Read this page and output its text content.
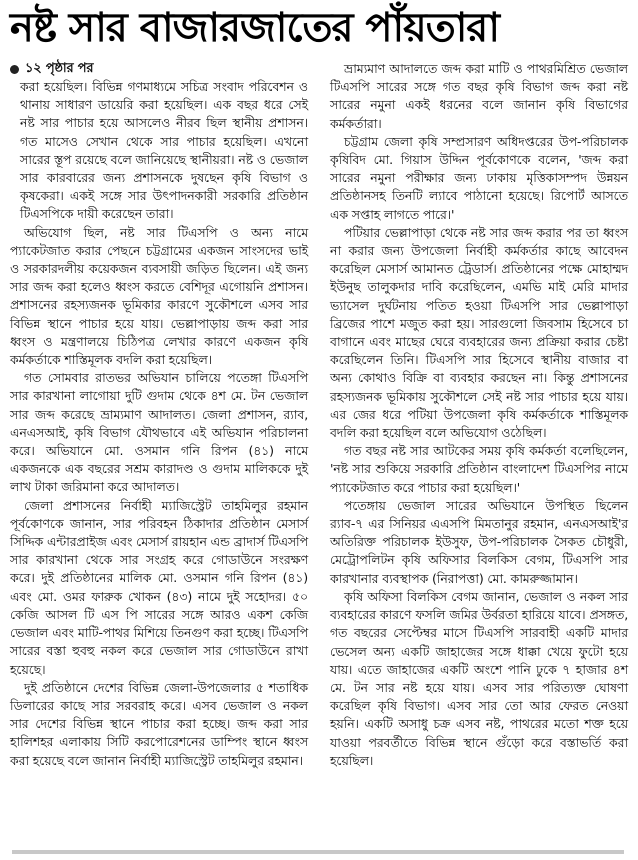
নষ্ট সার বাজারজাতের পাঁয়তারা
১২ পৃষ্ঠার পর

করা হয়েছিল। বিভিন্ন গণমাধ্যমে সচিত্র সংবাদ পরিবেশন ও থানায় সাধারণ ডায়েরি করা হয়েছিল। এক বছর ধরে সেই নষ্ট সার পাচার হয়ে আসলেও নীরব ছিল স্থানীয় প্রশাসন। গত মাসেও সেখান থেকে সার পাচার হয়েছিল। এখনো সারের স্তূপ রয়েছে বলে জানিয়েছে স্থানীয়রা। নষ্ট ও ভেজাল সার কারবারের জন্য প্রশাসনকে দুষছেন কৃষি বিভাগ ও কৃষকেরা। একই সঙ্গে সার উৎপাদনকারী সরকারি প্রতিষ্ঠান টিএসপিকে দায়ী করেছেন তারা।

অভিযোগ ছিল, নষ্ট সার টিএসপি ও অন্য নামে প্যাকেটজাত করার পেছনে চট্টগ্রামের একজন সাংসদের ভাই ও সরকারদলীয় কয়েকজন ব্যবসায়ী জড়িত ছিলেন। এই জন্য সার জব্দ করা হলেও ধ্বংস করতে বেশিদূর এগোয়নি প্রশাসন। প্রশাসনের রহস্যজনক ভূমিকার কারণে সুকৌশলে এসব সার বিভিন্ন স্থানে পাচার হয়ে যায়। ভেল্লাপাড়ায় জব্দ করা সার ধ্বংস ও মন্ত্রণালয়ে চিঠিপত্র লেখার কারণে একজন কৃষি কর্মকর্তাকে শাস্তিমূলক বদলি করা হয়েছিল।

গত সোমবার রাতভর অভিযান চালিয়ে পতেঙ্গা টিএসপি সার কারখানা লাগোয়া দুটি গুদাম থেকে ৪শ মে. টন ভেজাল সার জব্দ করেছে ভ্রাম্যমাণ আদালত। জেলা প্রশাসন, র‍্যাব, এনএসআই, কৃষি বিভাগ যৌথভাবে এই অভিযান পরিচালনা করে। অভিযানে মো. ওসমান গনি রিপন (৪১) নামে একজনকে এক বছরের সশ্রম কারাদণ্ড ও গুদাম মালিককে দুই লাখ টাকা জরিমানা করে আদালত।

জেলা প্রশাসনের নির্বাহী ম্যাজিস্ট্রেট তাহমিলুর রহমান পূর্বকোণকে জানান, সার পরিবহন ঠিকাদার প্রতিষ্ঠান মেসার্স সিদ্দিক এন্টারপ্রাইজ এবং মেসার্স রায়হান এন্ড ব্রাদার্স টিএসপি সার কারখানা থেকে সার সংগ্রহ করে গোডাউনে সংরক্ষণ করে। দুই প্রতিষ্ঠানের মালিক মো. ওসমান গনি রিপন (৪১) এবং মো. ওমর ফারুক খোকন (৪৩) নামে দুই সহোদর। ৫০ কেজি আসল টি এস পি সারের সঙ্গে আরও একশ কেজি ভেজাল এবং মাটি-পাথর মিশিয়ে তিনগুণ করা হচ্ছে। টিএসপি সারের বস্তা হুবহু নকল করে ভেজাল সার গোডাউনে রাখা হয়েছে।

দুই প্রতিষ্ঠানে দেশের বিভিন্ন জেলা-উপজেলার ৫ শতাধিক ডিলারের কাছে সার সরবরাহ করে। এসব ভেজাল ও নকল সার দেশের বিভিন্ন স্থানে পাচার করা হচ্ছে। জব্দ করা সার হালিশহর এলাকায় সিটি করপোরেশনের ডাম্পিং স্থানে ধ্বংস করা হয়েছে বলে জানান নির্বাহী ম্যাজিস্ট্রেট তাহমিলুর রহমান।

ভ্রাম্যমাণ আদালতে জব্দ করা মাটি ও পাথরমিশ্রিত ভেজাল টিএসপি সারের সঙ্গে গত বছর কৃষি বিভাগ জব্দ করা নষ্ট সারের নমুনা একই ধরনের বলে জানান কৃষি বিভাগের কর্মকর্তারা।

চট্টগ্রাম জেলা কৃষি সম্প্রসারণ অধিদপ্তরের উপ-পরিচালক কৃষিবিদ মো. গিয়াস উদ্দিন পূর্বকোণকে বলেন, 'জব্দ করা সারের নমুনা পরীক্ষার জন্য ঢাকায় মৃত্তিকাসম্পদ উন্নয়ন প্রতিষ্ঠানসহ তিনটি ল্যাবে পাঠানো হয়েছে। রিপোর্ট আসতে এক সপ্তাহ লাগতে পারে।'

পটিয়ার ভেল্লাপাড়া থেকে নষ্ট সার জব্দ করার পর তা ধ্বংস না করার জন্য উপজেলা নির্বাহী কর্মকর্তার কাছে আবেদন করেছিল মেসার্স আমানত ট্রেডার্স। প্রতিষ্ঠানের পক্ষে মোহাম্মদ ইউনুছ তালুকদার দাবি করেছিলেন, এমভি মাই মেরি মাদার ভ্যাসেল দুর্ঘটনায় পতিত হওয়া টিএসপি সার ভেল্লাপাড়া ব্রিজের পাশে মজুত করা হয়। সারগুলো জিবসাম হিসেবে চা বাগানে এবং মাছের ঘেরে ব্যবহারের জন্য প্রক্রিয়া করার চেষ্টা করেছিলেন তিনি। টিএসপি সার হিসেবে স্থানীয় বাজার বা অন্য কোথাও বিক্রি বা ব্যবহার করছেন না। কিন্তু প্রশাসনের রহস্যজনক ভূমিকায় সুকৌশলে সেই নষ্ট সার পাচার হয়ে যায়। এর জের ধরে পটিয়া উপজেলা কৃষি কর্মকর্তাকে শাস্তিমূলক বদলি করা হয়েছিল বলে অভিযোগ ওঠেছিল।

গত বছর নষ্ট সার আটকের সময় কৃষি কর্মকর্তা বলেছিলেন, 'নষ্ট সার শুকিয়ে সরকারি প্রতিষ্ঠান বাংলাদেশ টিএসপির নামে প্যাকেটজাত করে পাচার করা হয়েছিল।'

পতেঙ্গায় ভেজাল সারের অভিযানে উপস্থিত ছিলেন র‍্যাব-৭ এর সিনিয়র এএসপি মিমতানুর রহমান, এনএসআই'র অতিরিক্ত পরিচালক ইউসুফ, উপ-পরিচালক সৈকত চৌধুরী, মেট্রোপলিটন কৃষি অফিসার বিলকিস বেগম, টিএসপি সার কারখানার ব্যবস্থাপক (নিরাপত্তা) মো. কামরুজ্জামান।

কৃষি অফিসা বিলকিস বেগম জানান, ভেজাল ও নকল সার ব্যবহারের কারণে ফসলি জমির উর্বরতা হারিয়ে যাবে। প্রসঙ্গত, গত বছরের সেপ্টেম্বর মাসে টিএসপি সারবাহী একটি মাদার ভেসেল অন্য একটি জাহাজের সঙ্গে ধাক্কা খেয়ে ফুটো হয়ে যায়। এতে জাহাজের একটি অংশে পানি ঢুকে ৭ হাজার ৪শ মে. টন সার নষ্ট হয়ে যায়। এসব সার পরিত্যক্ত ঘোষণা করেছিল কৃষি বিভাগ। এসব সার তো আর ফেরত নেওয়া হয়নি। একটি অসাধু চক্র এসব নষ্ট, পাথরের মতো শক্ত হয়ে যাওয়া পরবর্তীতে বিভিন্ন স্থানে গুঁড়ো করে বস্তাভর্তি করা হয়েছিল।
